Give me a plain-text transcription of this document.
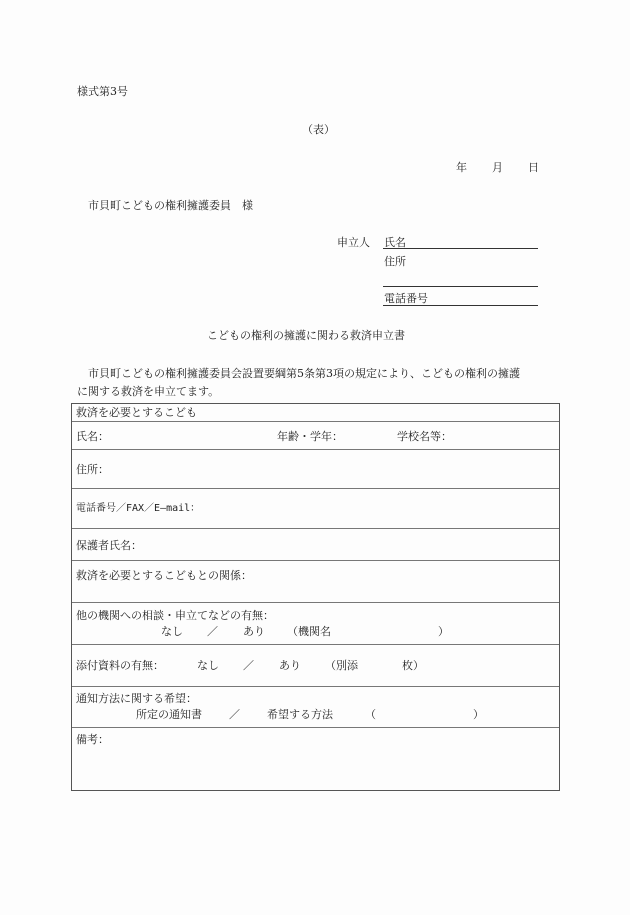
様式第3号
（表）
年 月 日
市貝町こどもの権利擁護委員　様
申立人 氏名
住所
電話番号
こどもの権利の擁護に関わる救済申立書
市貝町こどもの権利擁護委員会設置要綱第5条第3項の規定により、こどもの権利の擁護
に関する救済を申立てます。
救済を必要とするこども
氏名：	年齢・学年：	学校名等：
住所：
電話番号／FAX／E—mail：
保護者氏名：
救済を必要とするこどもとの関係：
他の機関への相談・申立てなどの有無：
なし ／ あり （機関名	）
添付資料の有無：	なし ／ あり （別添	枚）
通知方法に関する希望：
所定の通知書 ／ 希望する方法	（	）
備考：
